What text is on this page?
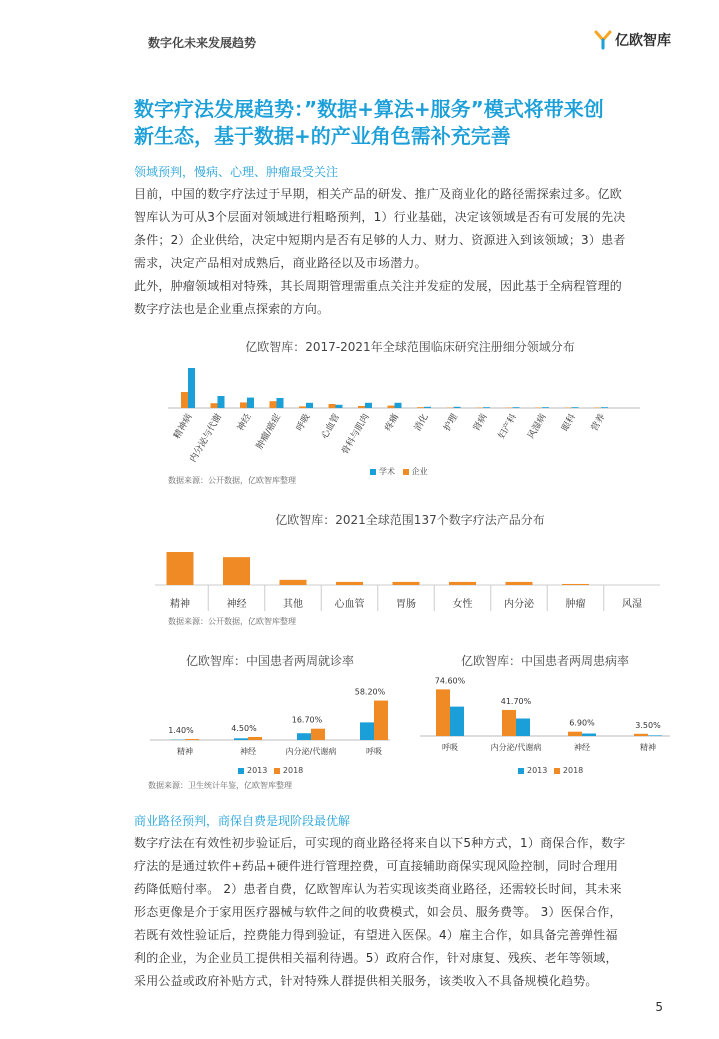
数字化未来发展趋势	亿欧智库
数字疗法发展趋势：”数据+算法+服务”模式将带来创
新生态，基于数据+的产业角色需补充完善
领域预判，慢病、心理、肿瘤最受关注
目前，中国的数字疗法过于早期，相关产品的研发、推广及商业化的路径需探索过多。亿欧
智库认为可从3个层面对领域进行粗略预判，1）行业基础，决定该领域是否有可发展的先决
条件；2）企业供给，决定中短期内是否有足够的人力、财力、资源进入到该领域；3）患者
需求，决定产品相对成熟后，商业路径以及市场潜力。
此外，肿瘤领域相对特殊，其长周期管理需重点关注并发症的发展，因此基于全病程管理的
数字疗法也是企业重点探索的方向。
亿欧智库：2017-2021年全球范围临床研究注册细分领域分布
精神病
内分泌与代谢 神经 肿瘤/癌症 呼吸 心血管
骨科与肌肉 疼痛 消化 护理 肾病 妇产科 风湿病 眼科 营养
学术 企业
数据来源：公开数据，亿欧智库整理
亿欧智库：2021全球范围137个数字疗法产品分布
精神	神经	其他	心血管	胃肠	女性	内分泌	肿瘤	风湿
数据来源：公开数据，亿欧智库整理
亿欧智库：中国患者两周就诊率
1.40%
精神
4.50%
神经
16.70%
内分泌/代谢病
58.20%
呼吸
2013 2018
亿欧智库：中国患者两周患病率
74.60%
呼吸
41.70%
内分泌/代谢病
6.90%
神经
3.50%
精神
2013 2018
数据来源：卫生统计年鉴，亿欧智库整理
商业路径预判，商保自费是现阶段最优解
数字疗法在有效性初步验证后，可实现的商业路径将来自以下5种方式，1）商保合作，数字
疗法的是通过软件+药品+硬件进行管理控费，可直接辅助商保实现风险控制，同时合理用
药降低赔付率。 2）患者自费，亿欧智库认为若实现该类商业路径，还需较长时间，其未来
形态更像是介于家用医疗器械与软件之间的收费模式，如会员、服务费等。 3）医保合作，
若既有效性验证后，控费能力得到验证，有望进入医保。4）雇主合作，如具备完善弹性福
利的企业，为企业员工提供相关福利待遇。5）政府合作，针对康复、残疾、老年等领域，
采用公益或政府补贴方式，针对特殊人群提供相关服务，该类收入不具备规模化趋势。
5
